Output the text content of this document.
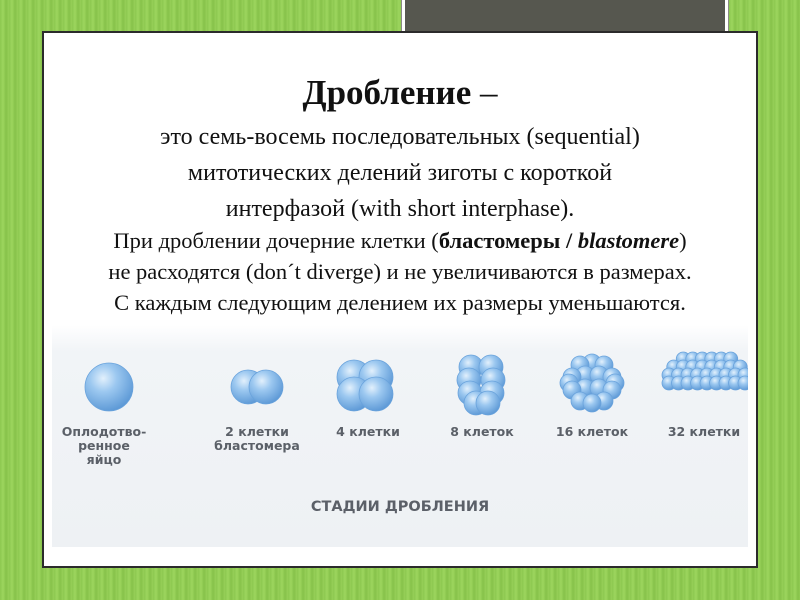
Дробление –
это семь-восемь последовательных (sequential)
митотических делений зиготы с короткой
интерфазой (with short interphase).
При дроблении дочерние клетки (бластомеры / blastomere)
не расходятся (don´t diverge) и не увеличиваются в размерах.
С каждым следующим делением их размеры уменьшаются.
Оплодотво-
ренное
яйцо
2 клетки
бластомера
4 клетки	8 клеток	16 клеток	32 клетки
СТАДИИ ДРОБЛЕНИЯ
